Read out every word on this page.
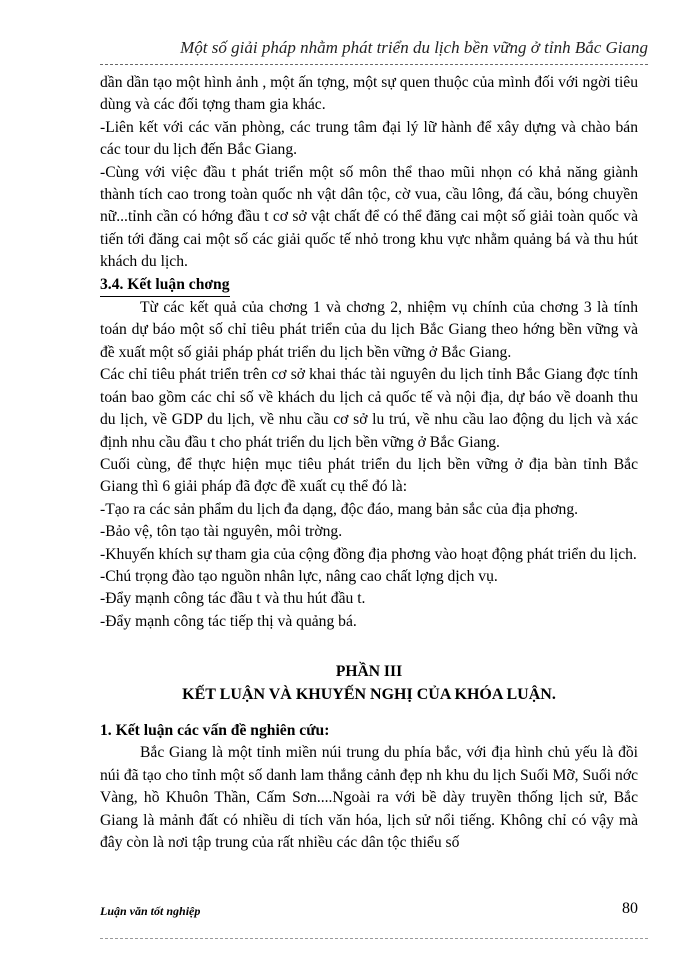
Một số giải pháp nhằm phát triển du lịch bền vững ở tỉnh Bắc Giang

dần dần tạo một hình ảnh , một ấn tợng, một sự quen thuộc của mình đối với ngời tiêu dùng và các đối tợng tham gia khác.

-Liên kết với các văn phòng, các trung tâm đại lý lữ hành để xây dựng và chào bán các tour du lịch đến Bắc Giang.

-Cùng với việc đầu t phát triển một số môn thể thao mũi nhọn có khả năng giành thành tích cao trong toàn quốc nh vật dân tộc, cờ vua, cầu lông, đá cầu, bóng chuyền nữ...tỉnh cần có hớng đầu t cơ sở vật chất để có thể đăng cai một số giải toàn quốc và tiến tới đăng cai một số các giải quốc tế nhỏ trong khu vực nhằm quảng bá và thu hút khách du lịch.

3.4. Kết luận chơng

Từ các kết quả của chơng 1 và chơng 2, nhiệm vụ chính của chơng 3 là tính toán dự báo một số chỉ tiêu phát triển của du lịch Bắc Giang theo hớng bền vững và đề xuất một số giải pháp phát triển du lịch bền vững ở Bắc Giang.

Các chỉ tiêu phát triển trên cơ sở khai thác tài nguyên du lịch tỉnh Bắc Giang đợc tính toán bao gồm các chỉ số về khách du lịch cả quốc tế và nội địa, dự báo về doanh thu du lịch, về GDP du lịch, về nhu cầu cơ sở lu trú, về nhu cầu lao động du lịch và xác định nhu cầu đầu t cho phát triển du lịch bền vững ở Bắc Giang.

Cuối cùng, để thực hiện mục tiêu phát triển du lịch bền vững ở địa bàn tỉnh Bắc Giang thì 6 giải pháp đã đợc đề xuất cụ thể đó là:

-Tạo ra các sản phẩm du lịch đa dạng, độc đáo, mang bản sắc của địa phơng.

-Bảo vệ, tôn tạo tài nguyên, môi trờng.

-Khuyến khích sự tham gia của cộng đồng địa phơng vào hoạt động phát triển du lịch.

-Chú trọng đào tạo nguồn nhân lực, nâng cao chất lợng dịch vụ.

-Đẩy mạnh công tác đầu t và thu hút đầu t.

-Đẩy mạnh công tác tiếp thị và quảng bá.

PHẦN III

KẾT LUẬN VÀ KHUYẾN NGHỊ CỦA KHÓA LUẬN.

1. Kết luận các vấn đề nghiên cứu:

Bắc Giang là một tỉnh miền núi trung du phía bắc, với địa hình chủ yếu là đồi núi đã tạo cho tỉnh một số danh lam thắng cảnh đẹp nh khu du lịch Suối Mỡ, Suối nớc Vàng, hồ Khuôn Thần, Cấm Sơn....Ngoài ra với bề dày truyền thống lịch sử, Bắc Giang là mảnh đất có nhiều di tích văn hóa, lịch sử nổi tiếng. Không chỉ có vậy mà đây còn là nơi tập trung của rất nhiều các dân tộc thiểu số

Luận văn tốt nghiệp	80
